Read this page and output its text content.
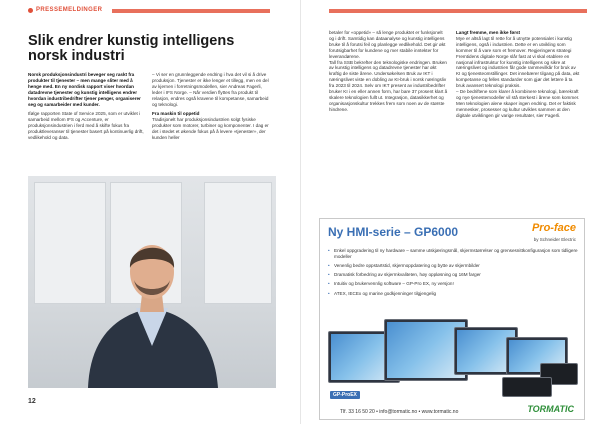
PRESSEMELDINGER
Slik endrer kunstig intelligens norsk industri

Norsk produksjonsindustri beveger seg raskt fra produkter til tjenester – men mange sliter med å henge med. En ny nordisk rapport viser hvordan datadrevne tjenester og kunstig intelligens endrer hvordan industribedrifter tjener penger, organiserer seg og samarbeider med kunder.

Ifølge rapporten State of Service 2025, som er utviklet i samarbeid mellom IFS og Accenture, er produksjonsindustrien i ferd med å skifte fokus fra produktleveranser til tjenester basert på kontinuerlig drift, vedlikehold og data.

– Vi ser en grunnleggende endring i hva det vil si å drive produksjon. Tjenester er ikke lenger et tillegg, men en del av kjernen i forretningsmodellen, sier Andreas Fagerli, leder i IFS Norge. – Når verdien flyttes fra produkt til relasjon, endres også kravene til kompetanse, samarbeid og teknologi.

Fra maskin til oppetid

Tradisjonelt har produksjonsindustrien solgt fysiske produkter som motorer, turbiner og komponenter. I dag er det i stedet et økende fokus på å levere «tjenester», der kunden heller

12

betaler for «oppetid» – så lenge produktet er funksjonelt og i drift. Samtidig kan dataanalyse og kunstig intelligens bruke til å forutsi feil og planlegge vedlikehold. Det gir økt forutsigbarhet for kundene og mer stabile inntekter for leverandørene.
Tall fra SSB bekrefter den teknologiske endringen. Bruken av kunstig intelligens og datadrevne tjenester har økt kraftig de siste årene. Undersøkelsen Bruk av IKT i næringslivet viste en dobling av KI-bruk i norsk næringsliv fra 2023 til 2024. Selv om IKT present av industribedrifter bruker KI i en eller annen form, har bare 37 prosent klart å skalere teknologien fullt ut. Integrasjon, datasikkerhet og organisasjonskultur trekkes frem som noen av de største hindrene.

Langt fremme, men ikke først

Mye er altså lagt til rette for å utnytte potensialet i kunstig intelligens, også i industrien. Dette er en utvikling som kommer til å vare som et fremover. Regjeringens strategi Fremtidens digitale Norge slår fast at vi skal etablere en nasjonal infrastruktur for kunstig intelligens og sikre at næringslivet og industrien får gode rammevilkår for bruk av KI og tjenesteomstillinger. Det innebærer tilgang på data, økt kompetanse og felles standarder som gjør det lettere å ta bruk avansert teknologi praksis.
– De bedriftene som klarer å kombinere teknologi, bærekraft og nye tjenestemodeller vil stå sterkest i årene som kommer. Men teknologien alene skaper ingen endring. Det er faktisk mennesker, prosesser og kultur utvikles sammen at den digitale utviklingen gir varige resultater, sier Fagerli.

Ny HMI-serie – GP6000	Pro-face
by Schneider Electric
• Enkel oppgradering til ny hardware – samme utskjæringsmål, skjermstørrelser og grensesnittkonfigurasjon som tidligere modeller
• Venenlig bedre oppstartstid, skjermoppdatering og bytte av skjermbilder
• Dramatisk forbedring av skjermkvaliteten, høy oppløsning og 16M farger
• Intuitiv og brukervennlig software – GP-Pro EX, ny versjon!
• ATEX, IECEx og marine godkjenninger tilgjengelig
GP-ProEX
Tlf. 33 16 50 20 • info@tormatic.no • www.tormatic.no	TORMATIC
